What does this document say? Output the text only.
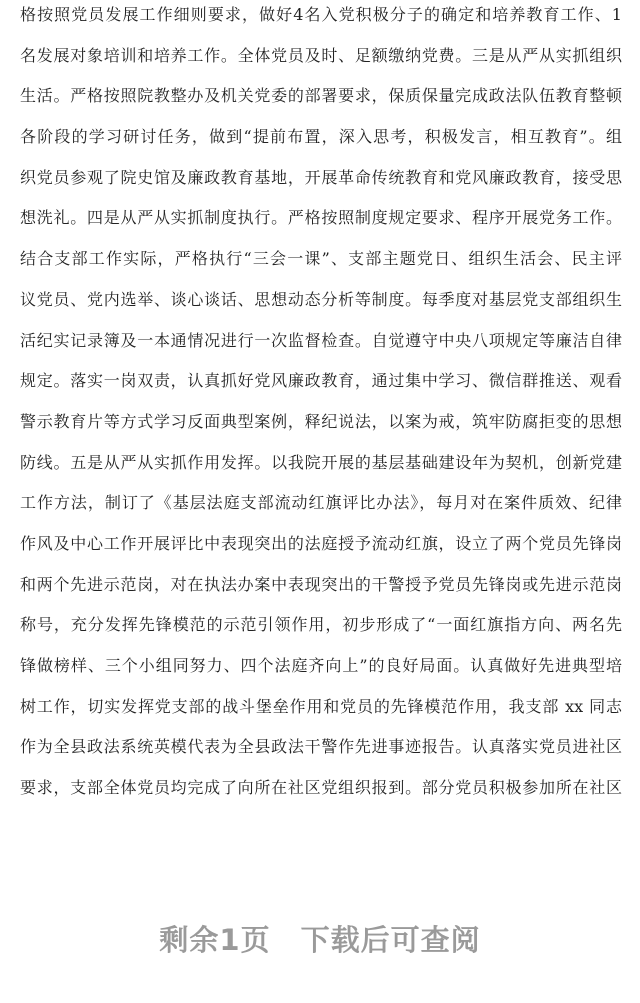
格按照党员发展工作细则要求，做好4名入党积极分子的确定和培养教育工作、1
名发展对象培训和培养工作。全体党员及时、足额缴纳党费。三是从严从实抓组织
生活。严格按照院教整办及机关党委的部署要求，保质保量完成政法队伍教育整顿
各阶段的学习研讨任务，做到“提前布置，深入思考，积极发言，相互教育”。组
织党员参观了院史馆及廉政教育基地，开展革命传统教育和党风廉政教育，接受思
想洗礼。四是从严从实抓制度执行。严格按照制度规定要求、程序开展党务工作。
结合支部工作实际，严格执行“三会一课”、支部主题党日、组织生活会、民主评
议党员、党内选举、谈心谈话、思想动态分析等制度。每季度对基层党支部组织生
活纪实记录簿及一本通情况进行一次监督检查。自觉遵守中央八项规定等廉洁自律
规定。落实一岗双责，认真抓好党风廉政教育，通过集中学习、微信群推送、观看
警示教育片等方式学习反面典型案例，释纪说法，以案为戒，筑牢防腐拒变的思想
防线。五是从严从实抓作用发挥。以我院开展的基层基础建设年为契机，创新党建
工作方法，制订了《基层法庭支部流动红旗评比办法》，每月对在案件质效、纪律
作风及中心工作开展评比中表现突出的法庭授予流动红旗，设立了两个党员先锋岗
和两个先进示范岗，对在执法办案中表现突出的干警授予党员先锋岗或先进示范岗
称号，充分发挥先锋模范的示范引领作用，初步形成了“一面红旗指方向、两名先
锋做榜样、三个小组同努力、四个法庭齐向上”的良好局面。认真做好先进典型培
树工作，切实发挥党支部的战斗堡垒作用和党员的先锋模范作用，我支部 xx 同志
作为全县政法系统英模代表为全县政法干警作先进事迹报告。认真落实党员进社区
要求，支部全体党员均完成了向所在社区党组织报到。部分党员积极参加所在社区
剩余1页 下载后可查阅
